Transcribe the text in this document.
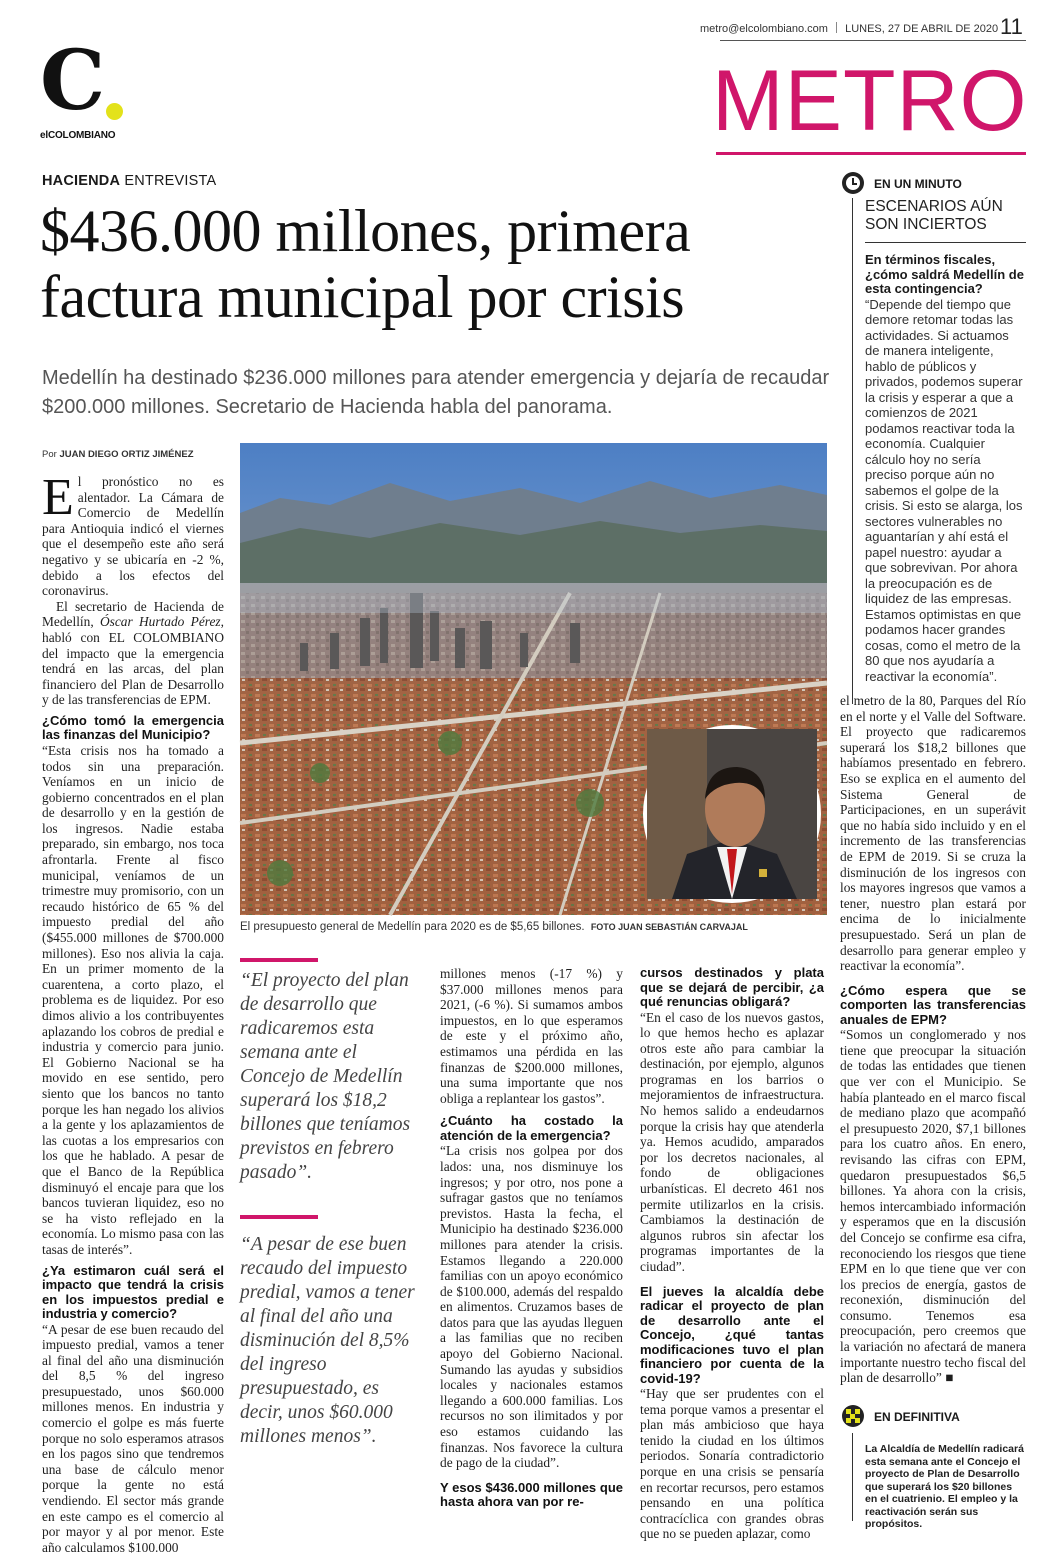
metro@elcolombiano.com LUNES, 27 DE ABRIL DE 2020 11
C
elCOLOMBIANO	METRO
HACIENDA ENTREVISTA
$436.000 millones, primera factura municipal por crisis
Medellín ha destinado $236.000 millones para atender emergencia y dejaría de recaudar $200.000 millones. Secretario de Hacienda habla del panorama.
Por JUAN DIEGO ORTIZ JIMÉNEZ
El presupuesto general de Medellín para 2020 es de $5,65 billones. FOTO JUAN SEBASTIÁN CARVAJAL

El pronóstico no es alentador. La Cámara de Comercio de Medellín para Antioquia indicó el viernes que el desempeño este año será negativo y se ubicaría en -2 %, debido a los efectos del coronavirus.

El secretario de Hacienda de Medellín, Óscar Hurtado Pérez, habló con EL COLOMBIANO del impacto que la emergencia tendrá en las arcas, del plan financiero del Plan de Desarrollo y de las transferencias de EPM.

¿Cómo tomó la emergencia las finanzas del Municipio?

“Esta crisis nos ha tomado a todos sin una preparación. Veníamos en un inicio de gobierno concentrados en el plan de desarrollo y en la gestión de los ingresos. Nadie estaba preparado, sin embargo, nos toca afrontarla. Frente al fisco municipal, veníamos de un trimestre muy promisorio, con un recaudo histórico de 65 % del impuesto predial del año ($455.000 millones de $700.000 millones). Eso nos alivia la caja. En un primer momento de la cuarentena, a corto plazo, el problema es de liquidez. Por eso dimos alivio a los contribuyentes aplazando los cobros de predial e industria y comercio para junio. El Gobierno Nacional se ha movido en ese sentido, pero siento que los bancos no tanto porque les han negado los alivios a la gente y los aplazamientos de las cuotas a los empresarios con los que he hablado. A pesar de que el Banco de la República disminuyó el encaje para que los bancos tuvieran liquidez, eso no se ha visto reflejado en la economía. Lo mismo pasa con las tasas de interés”.

¿Ya estimaron cuál será el impacto que tendrá la crisis en los impuestos predial e industria y comercio?

“A pesar de ese buen recaudo del impuesto predial, vamos a tener al final del año una disminución del 8,5 % del ingreso presupuestado, unos $60.000 millones menos. En industria y comercio el golpe es más fuerte porque no solo esperamos atrasos en los pagos sino que tendremos una base de cálculo menor porque la gente no está vendiendo. El sector más grande en este campo es el comercio al por mayor y al por menor. Este año calculamos $100.000

“El proyecto del plan de desarrollo que radicaremos esta semana ante el Concejo de Medellín superará los $18,2 billones que teníamos previstos en febrero pasado”.
“A pesar de ese buen recaudo del impuesto predial, vamos a tener al final del año una disminución del 8,5% del ingreso presupuestado, es decir, unos $60.000 millones menos”.

millones menos (-17 %) y $37.000 millones menos para 2021, (-6 %). Si sumamos ambos impuestos, en lo que esperamos de este y el próximo año, estimamos una pérdida en las finanzas de $200.000 millones, una suma importante que nos obliga a replantear los gastos”.

¿Cuánto ha costado la atención de la emergencia?

“La crisis nos golpea por dos lados: una, nos disminuye los ingresos; y por otro, nos pone a sufragar gastos que no teníamos previstos. Hasta la fecha, el Municipio ha destinado $236.000 millones para atender la crisis. Estamos llegando a 220.000 familias con un apoyo económico de $100.000, además del respaldo en alimentos. Cruzamos bases de datos para que las ayudas lleguen a las familias que no reciben apoyo del Gobierno Nacional. Sumando las ayudas y subsidios locales y nacionales estamos llegando a 600.000 familias. Los recursos no son ilimitados y por eso estamos cuidando las finanzas. Nos favorece la cultura de pago de la ciudad”.

Y esos $436.000 millones que hasta ahora van por re-
cursos destinados y plata que se dejará de percibir, ¿a qué renuncias obligará?

“En el caso de los nuevos gastos, lo que hemos hecho es aplazar otros este año para cambiar la destinación, por ejemplo, algunos programas en los barrios o mejoramientos de infraestructura. No hemos salido a endeudarnos porque la crisis hay que atenderla ya. Hemos acudido, amparados por los decretos nacionales, al fondo de obligaciones urbanísticas. El decreto 461 nos permite utilizarlos en la crisis. Cambiamos la destinación de algunos rubros sin afectar los programas importantes de la ciudad”.

El jueves la alcaldía debe radicar el proyecto de plan de desarrollo ante el Concejo, ¿qué tantas modificaciones tuvo el plan financiero por cuenta de la covid-19?

“Hay que ser prudentes con el tema porque vamos a presentar el plan más ambicioso que haya tenido la ciudad en los últimos periodos. Sonaría contradictorio porque en una crisis se pensaría en recortar recursos, pero estamos pensando en una política contracíclica con grandes obras que no se pueden aplazar, como

EN UN MINUTO
ESCENARIOS AÚN SON INCIERTOS
En términos fiscales, ¿cómo saldrá Medellín de esta contingencia?
“Depende del tiempo que demore retomar todas las actividades. Si actuamos de manera inteligente, hablo de públicos y privados, podemos superar la crisis y esperar a que a comienzos de 2021 podamos reactivar toda la economía. Cualquier cálculo hoy no sería preciso porque aún no sabemos el golpe de la crisis. Si esto se alarga, los sectores vulnerables no aguantarían y ahí está el papel nuestro: ayudar a que sobrevivan. Por ahora la preocupación es de liquidez de las empresas. Estamos optimistas en que podamos hacer grandes cosas, como el metro de la 80 que nos ayudaría a reactivar la economía”.

el metro de la 80, Parques del Río en el norte y el Valle del Software. El proyecto que radicaremos superará los $18,2 billones que habíamos presentado en febrero. Eso se explica en el aumento del Sistema General de Participaciones, en un superávit que no había sido incluido y en el incremento de las transferencias de EPM de 2019. Si se cruza la disminución de los ingresos con los mayores ingresos que vamos a tener, nuestro plan estará por encima de lo inicialmente presupuestado. Será un plan de desarrollo para generar empleo y reactivar la economía”.

¿Cómo espera que se comporten las transferencias anuales de EPM?

“Somos un conglomerado y nos tiene que preocupar la situación de todas las entidades que tienen que ver con el Municipio. Se había planteado en el marco fiscal de mediano plazo que acompañó el presupuesto 2020, $7,1 billones para los cuatro años. En enero, revisando las cifras con EPM, quedaron presupuestados $6,5 billones. Ya ahora con la crisis, hemos intercambiado información y esperamos que en la discusión del Concejo se confirme esa cifra, reconociendo los riesgos que tiene EPM en lo que tiene que ver con los precios de energía, gastos de reconexión, disminución del consumo. Tenemos esa preocupación, pero creemos que la variación no afectará de manera importante nuestro techo fiscal del plan de desarrollo” ■

EN DEFINITIVA
La Alcaldía de Medellín radicará esta semana ante el Concejo el proyecto de Plan de Desarrollo que superará los $20 billones en el cuatrienio. El empleo y la reactivación serán sus propósitos.
